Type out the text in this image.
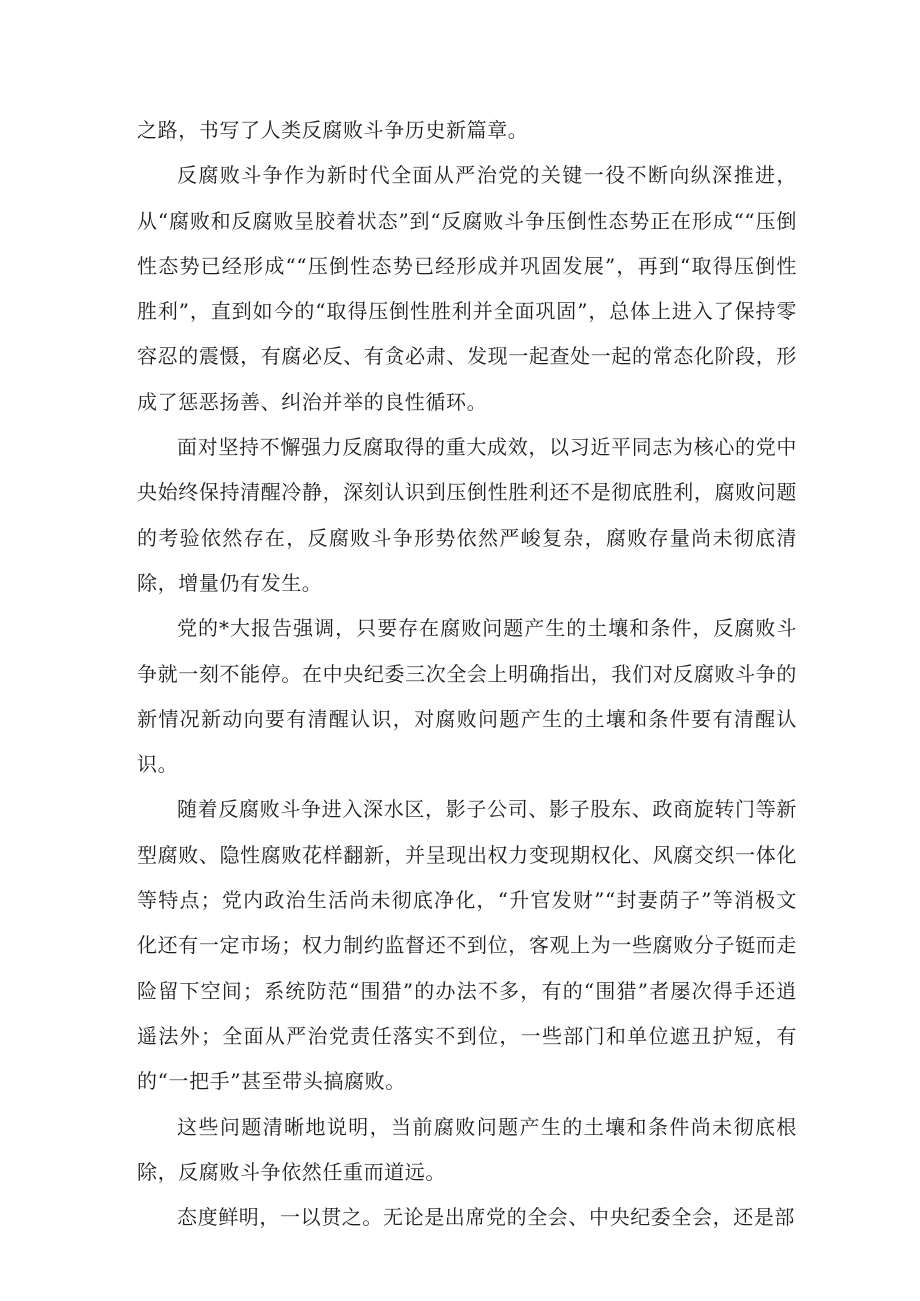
之路，书写了人类反腐败斗争历史新篇章。

反腐败斗争作为新时代全面从严治党的关键一役不断向纵深推进，从“腐败和反腐败呈胶着状态”到“反腐败斗争压倒性态势正在形成““压倒性态势已经形成““压倒性态势已经形成并巩固发展”，再到“取得压倒性胜利”，直到如今的“取得压倒性胜利并全面巩固”，总体上进入了保持零容忍的震慑，有腐必反、有贪必肃、发现一起查处一起的常态化阶段，形成了惩恶扬善、纠治并举的良性循环。

面对坚持不懈强力反腐取得的重大成效，以习近平同志为核心的党中央始终保持清醒冷静，深刻认识到压倒性胜利还不是彻底胜利，腐败问题的考验依然存在，反腐败斗争形势依然严峻复杂，腐败存量尚未彻底清除，增量仍有发生。

党的*大报告强调，只要存在腐败问题产生的土壤和条件，反腐败斗争就一刻不能停。在中央纪委三次全会上明确指出，我们对反腐败斗争的新情况新动向要有清醒认识，对腐败问题产生的土壤和条件要有清醒认识。

随着反腐败斗争进入深水区，影子公司、影子股东、政商旋转门等新型腐败、隐性腐败花样翻新，并呈现出权力变现期权化、风腐交织一体化等特点；党内政治生活尚未彻底净化，“升官发财”“封妻荫子”等消极文化还有一定市场；权力制约监督还不到位，客观上为一些腐败分子铤而走险留下空间；系统防范“围猎”的办法不多，有的“围猎”者屡次得手还逍遥法外；全面从严治党责任落实不到位，一些部门和单位遮丑护短，有的“一把手”甚至带头搞腐败。

这些问题清晰地说明，当前腐败问题产生的土壤和条件尚未彻底根除，反腐败斗争依然任重而道远。

态度鲜明，一以贯之。无论是出席党的全会、中央纪委全会，还是部
